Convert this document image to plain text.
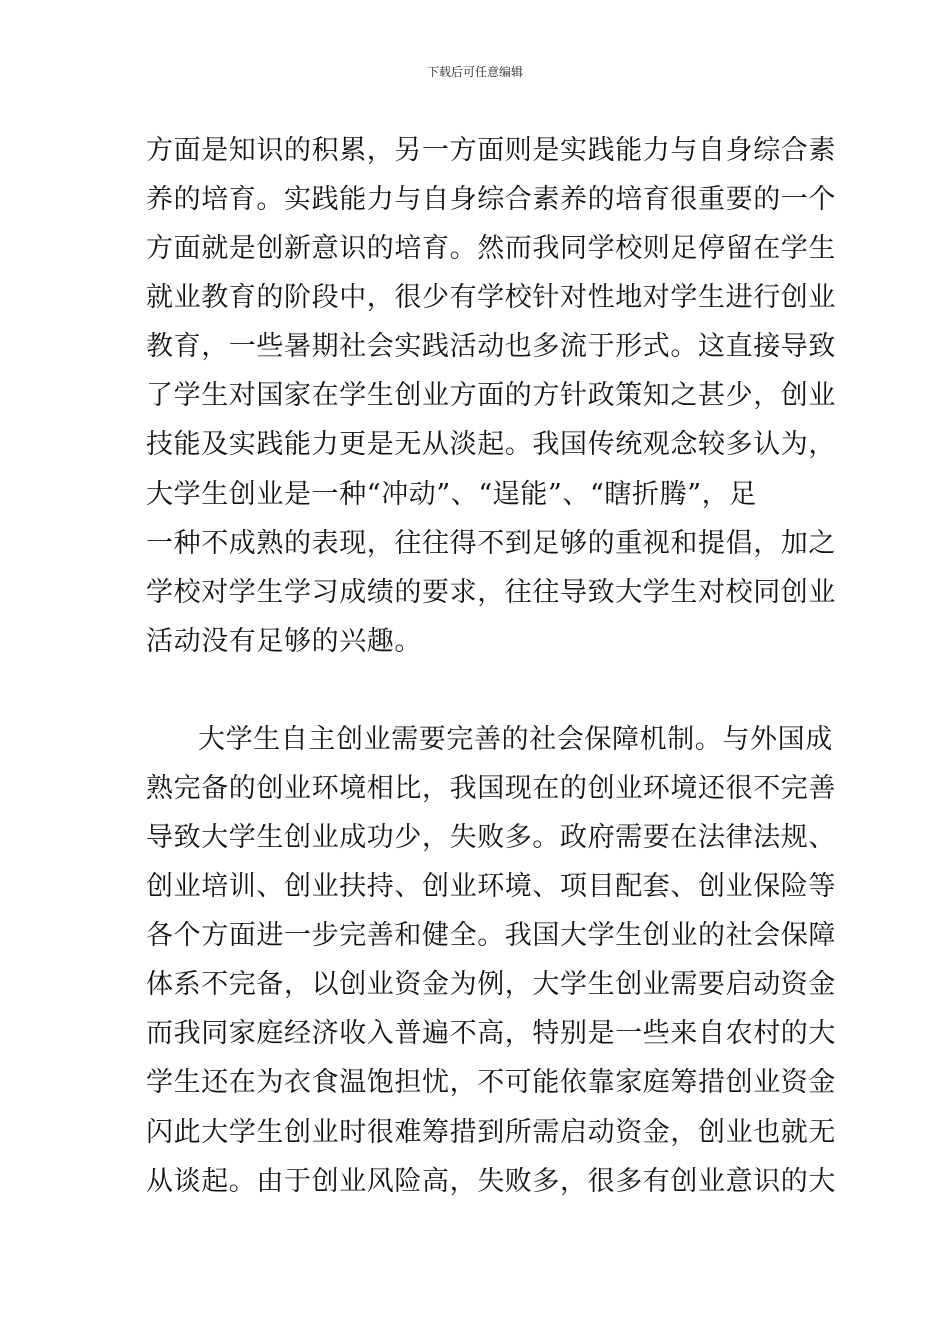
下载后可任意编辑
方面是知识的积累，另一方面则是实践能力与自身综合素
养的培育。实践能力与自身综合素养的培育很重要的一个
方面就是创新意识的培育。然而我同学校则足停留在学生
就业教育的阶段中，很少有学校针对性地对学生进行创业
教育，一些暑期社会实践活动也多流于形式。这直接导致
了学生对国家在学生创业方面的方针政策知之甚少，创业
技能及实践能力更是无从淡起。我国传统观念较多认为，
大学生创业是一种“冲动”、“逞能”、“瞎折腾”，足
一种不成熟的表现，往往得不到足够的重视和提倡，加之
学校对学生学习成绩的要求，往往导致大学生对校同创业
活动没有足够的兴趣。
大学生自主创业需要完善的社会保障机制。与外国成
熟完备的创业环境相比，我国现在的创业环境还很不完善
导致大学生创业成功少，失败多。政府需要在法律法规、
创业培训、创业扶持、创业环境、项目配套、创业保险等
各个方面进一步完善和健全。我国大学生创业的社会保障
体系不完备，以创业资金为例，大学生创业需要启动资金
而我同家庭经济收入普遍不高，特别是一些来自农村的大
学生还在为衣食温饱担忧，不可能依靠家庭筹措创业资金
闪此大学生创业时很难筹措到所需启动资金，创业也就无
从谈起。由于创业风险高，失败多，很多有创业意识的大
